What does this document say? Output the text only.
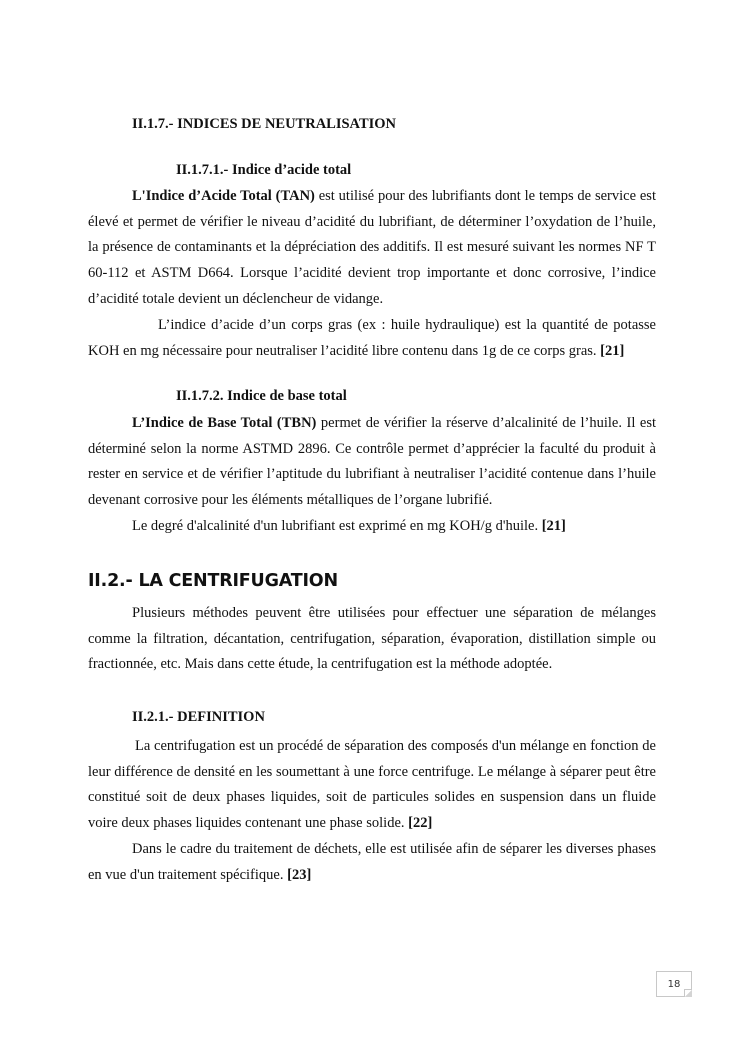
II.1.7.- INDICES DE NEUTRALISATION
II.1.7.1.- Indice d’acide total
L'Indice d’Acide Total (TAN) est utilisé pour des lubrifiants dont le temps de service est élevé et permet de vérifier le niveau d’acidité du lubrifiant, de déterminer l’oxydation de l’huile, la présence de contaminants et la dépréciation des additifs. Il est mesuré suivant les normes NF T 60-112 et ASTM D664. Lorsque l’acidité devient trop importante et donc corrosive, l’indice d’acidité totale devient un déclencheur de vidange.
L’indice d’acide d’un corps gras (ex : huile hydraulique) est la quantité de potasse KOH en mg nécessaire pour neutraliser l’acidité libre contenu dans 1g de ce corps gras. [21]
II.1.7.2. Indice de base total
L’Indice de Base Total (TBN) permet de vérifier la réserve d’alcalinité de l’huile. Il est déterminé selon la norme ASTMD 2896. Ce contrôle permet d’apprécier la faculté du produit à rester en service et de vérifier l’aptitude du lubrifiant à neutraliser l’acidité contenue dans l’huile devenant corrosive pour les éléments métalliques de l’organe lubrifié.
Le degré d'alcalinité d'un lubrifiant est exprimé en mg KOH/g d'huile. [21]
II.2.- LA CENTRIFUGATION
Plusieurs méthodes peuvent être utilisées pour effectuer une séparation de mélanges comme la filtration, décantation, centrifugation, séparation, évaporation, distillation simple ou fractionnée, etc. Mais dans cette étude, la centrifugation est la méthode adoptée.
II.2.1.- DEFINITION
La centrifugation est un procédé de séparation des composés d'un mélange en fonction de leur différence de densité en les soumettant à une force centrifuge. Le mélange à séparer peut être constitué soit de deux phases liquides, soit de particules solides en suspension dans un fluide voire deux phases liquides contenant une phase solide. [22]
Dans le cadre du traitement de déchets, elle est utilisée afin de séparer les diverses phases en vue d'un traitement spécifique. [23]
18
